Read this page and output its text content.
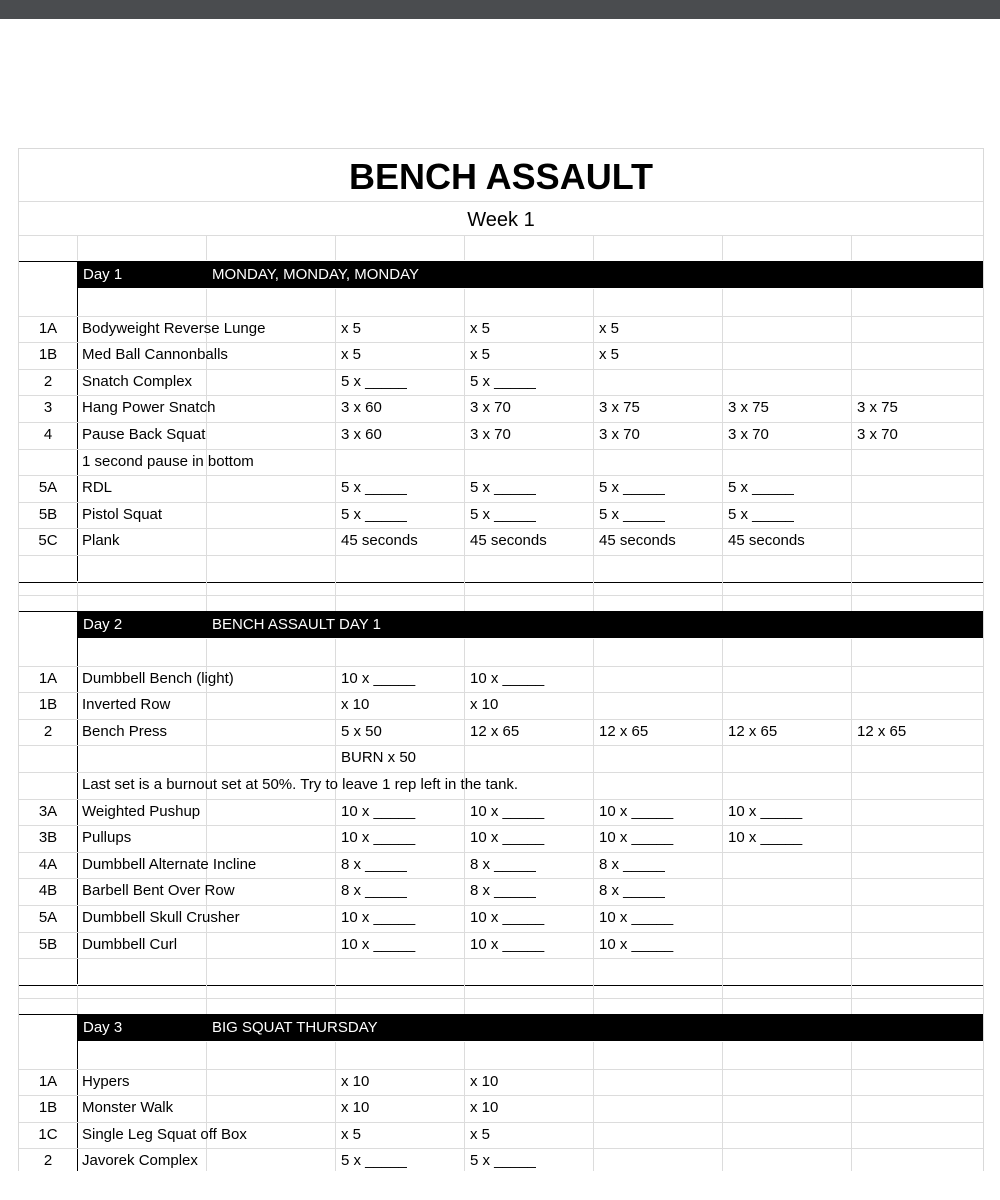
BENCH ASSAULT
Week 1
Day 1	MONDAY, MONDAY, MONDAY
1A	Bodyweight Reverse Lunge	x 5	x 5	x 5
1B	Med Ball Cannonballs	x 5	x 5	x 5
2	Snatch Complex	5 x _____	5 x _____
3	Hang Power Snatch	3 x 60	3 x 70	3 x 75	3 x 75	3 x 75
4	Pause Back Squat	3 x 60	3 x 70	3 x 70	3 x 70	3 x 70
1 second pause in bottom
5A	RDL	5 x _____	5 x _____	5 x _____	5 x _____
5B	Pistol Squat	5 x _____	5 x _____	5 x _____	5 x _____
5C	Plank	45 seconds	45 seconds	45 seconds	45 seconds
Day 2	BENCH ASSAULT DAY 1
1A	Dumbbell Bench (light)	10 x _____	10 x _____
1B	Inverted Row	x 10	x 10
2	Bench Press	5 x 50	12 x 65	12 x 65	12 x 65	12 x 65
BURN x 50
Last set is a burnout set at 50%. Try to leave 1 rep left in the tank.
3A	Weighted Pushup	10 x _____	10 x _____	10 x _____	10 x _____
3B	Pullups	10 x _____	10 x _____	10 x _____	10 x _____
4A	Dumbbell Alternate Incline	8 x _____	8 x _____	8 x _____
4B	Barbell Bent Over Row	8 x _____	8 x _____	8 x _____
5A	Dumbbell Skull Crusher	10 x _____	10 x _____	10 x _____
5B	Dumbbell Curl	10 x _____	10 x _____	10 x _____
Day 3	BIG SQUAT THURSDAY
1A	Hypers	x 10	x 10
1B	Monster Walk	x 10	x 10
1C	Single Leg Squat off Box	x 5	x 5
2	Javorek Complex	5 x _____	5 x _____
